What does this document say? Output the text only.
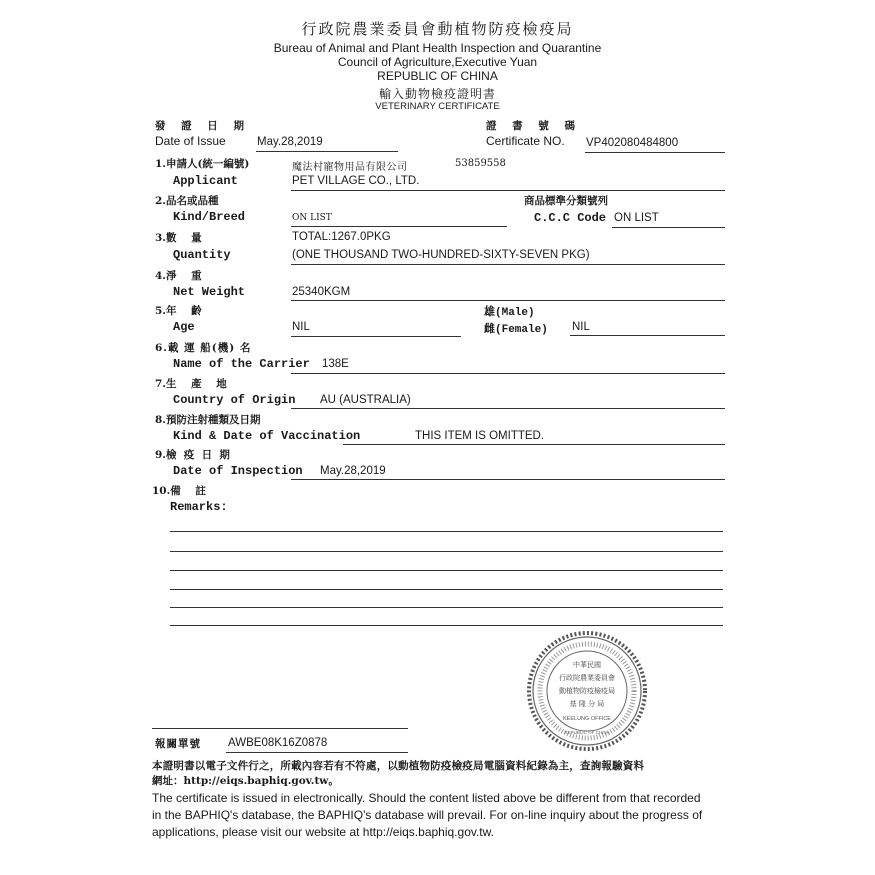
行政院農業委員會動植物防疫檢疫局
Bureau of Animal and Plant Health Inspection and Quarantine
Council of Agriculture,Executive Yuan
REPUBLIC OF CHINA
輸入動物檢疫證明書
VETERINARY CERTIFICATE
發 證 日 期
Date of Issue	May.28,2019
證 書 號 碼
Certificate NO. VP402080484800
1.申請人(統一編號)
Applicant
魔法村寵物用品有限公司	53859558
PET VILLAGE CO., LTD.
2.品名或品種
Kind/Breed	ON LIST
商品標準分類號列
C.C.C Code ON LIST
3.數    量
Quantity
TOTAL:1267.0PKG
(ONE THOUSAND TWO-HUNDRED-SIXTY-SEVEN PKG)
4.淨    重
Net Weight	25340KGM
5.年    齡
Age	NIL
雄(Male)
雌(Female) NIL
6.載 運 船(機) 名
Name of the Carrier 138E
7.生    產    地
Country of Origin AU (AUSTRALIA)
8.預防注射種類及日期
Kind & Date of Vaccination	THIS ITEM IS OMITTED.
9.檢  疫  日  期
Date of Inspection May.28,2019
10.備    註
Remarks:
中華民國
行政院農業委員會
動植物防疫檢疫局
基 隆 分 局
KEELUNG OFFICE
REPUBLIC OF CHINA
報關單號 AWBE08K16Z0878
本證明書以電子文件行之，所載內容若有不符處，以動植物防疫檢疫局電腦資料紀錄為主，查詢報驗資料
網址：http://eiqs.baphiq.gov.tw。
The certificate is issued in electronically. Should the content listed above be different from that recorded
in the BAPHIQ's database, the BAPHIQ's database will prevail. For on-line inquiry about the progress of
applications, please visit our website at http://eiqs.baphiq.gov.tw.
